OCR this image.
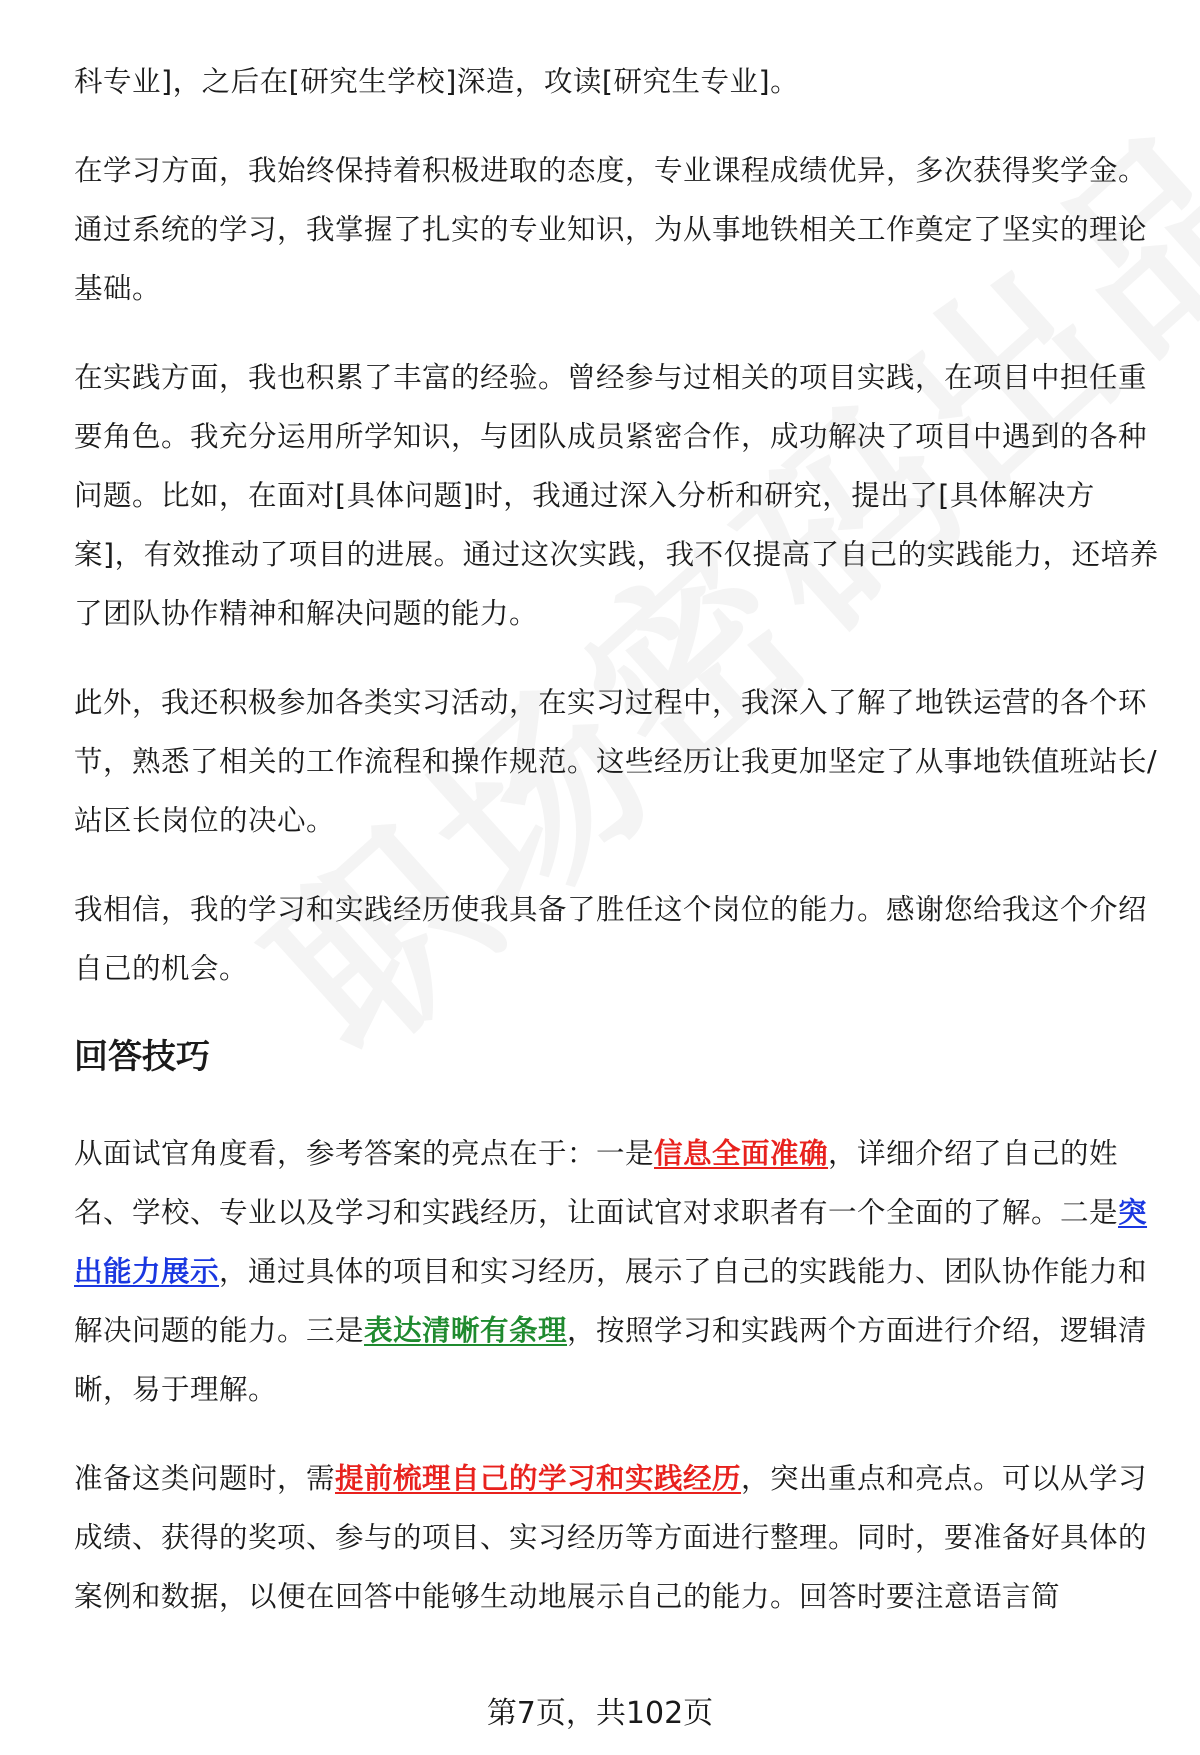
科专业]，之后在[研究生学校]深造，攻读[研究生专业]。

在学习方面，我始终保持着积极进取的态度，专业课程成绩优异，多次获得奖学金。通过系统的学习，我掌握了扎实的专业知识，为从事地铁相关工作奠定了坚实的理论基础。

在实践方面，我也积累了丰富的经验。曾经参与过相关的项目实践，在项目中担任重要角色。我充分运用所学知识，与团队成员紧密合作，成功解决了项目中遇到的各种问题。比如，在面对[具体问题]时，我通过深入分析和研究，提出了[具体解决方案]，有效推动了项目的进展。通过这次实践，我不仅提高了自己的实践能力，还培养了团队协作精神和解决问题的能力。

此外，我还积极参加各类实习活动，在实习过程中，我深入了解了地铁运营的各个环节，熟悉了相关的工作流程和操作规范。这些经历让我更加坚定了从事地铁值班站长/站区长岗位的决心。

我相信，我的学习和实践经历使我具备了胜任这个岗位的能力。感谢您给我这个介绍自己的机会。

回答技巧

从面试官角度看，参考答案的亮点在于：一是信息全面准确，详细介绍了自己的姓名、学校、专业以及学习和实践经历，让面试官对求职者有一个全面的了解。二是突出能力展示，通过具体的项目和实习经历，展示了自己的实践能力、团队协作能力和解决问题的能力。三是表达清晰有条理，按照学习和实践两个方面进行介绍，逻辑清晰，易于理解。

准备这类问题时，需提前梳理自己的学习和实践经历，突出重点和亮点。可以从学习成绩、获得的奖项、参与的项目、实习经历等方面进行整理。同时，要准备好具体的案例和数据，以便在回答中能够生动地展示自己的能力。回答时要注意语言简

第7页，共102页
